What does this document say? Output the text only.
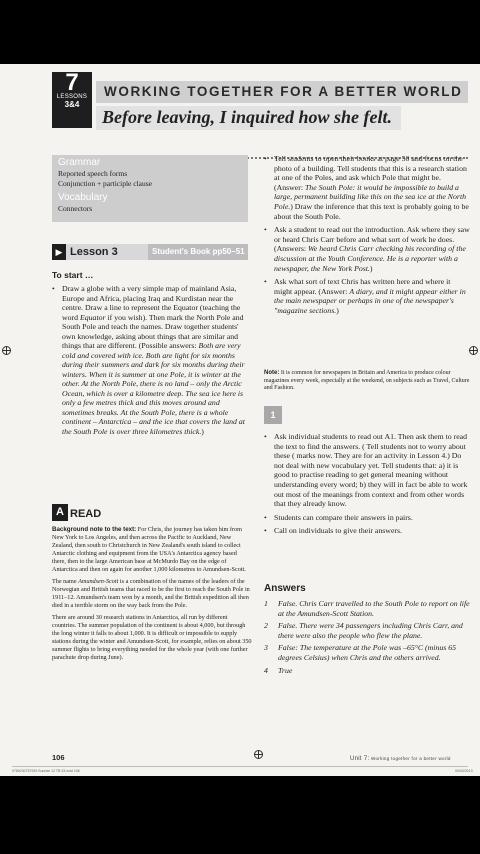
7
LESSONS
3&4
WORKING TOGETHER FOR A BETTER WORLD
Before leaving, I inquired how she felt.
Grammar
Reported speech forms
Conjunction + participle clause
Vocabulary
Connectors
▶ Lesson 3	Student's Book pp50–51
To start …
• Draw a globe with a very simple map of mainland Asia, Europe and Africa, placing Iraq and Kurdistan near the centre. Draw a line to represent the Equator (teaching the word Equator if you wish). Then mark the North Pole and South Pole and teach the names. Draw together students' own knowledge, asking about things that are similar and things that are different. (Possible answers: Both are very cold and covered with ice. Both are light for six months during their summers and dark for six months during their winters. When it is summer at one Pole, it is winter at the other. At the North Pole, there is no land – only the Arctic Ocean, which is over a kilometre deep. The sea ice here is only a few metres thick and this moves around and sometimes breaks. At the South Pole, there is a whole continent – Antarctica – and the ice that covers the land at the South Pole is over three kilometres thick.)

A READ

Background note to the text: For Chris, the journey has taken him from New York to Los Angeles, and then across the Pacific to Auckland, New Zealand, then south to Christchurch in New Zealand's south island to collect Antarctic clothing and equipment from the USA's Antarctica agency based there, then to the large American base at McMurdo Bay on the edge of Antarctica and then on again for another 1,000 kilometres to Amundsen-Scott.

The name Amundsen-Scott is a combination of the names of the leaders of the Norwegian and British teams that raced to be the first to reach the South Pole in 1911–12. Amundsen's team won by a month, and the British expedition all then died in a terrible storm on the way back from the Pole.

There are around 30 research stations in Antarctica, all run by different countries. The summer population of the continent is about 4,000, but through the long winter it falls to about 1,000. It is difficult or impossible to supply stations during the winter and Amundsen-Scott, for example, relies on about 350 summer flights to bring everything needed for the whole year (with one further parachute drop during June).

• Tell students to open their books at page 50 and focus on the photo of a building. Tell students that this is a research station at one of the Poles, and ask which Pole that might be. (Answer: The South Pole: it would be impossible to build a large, permanent building like this on the sea ice at the North Pole.) Draw the inference that this text is probably going to be about the South Pole.
• Ask a student to read out the introduction. Ask where they saw or heard Chris Carr before and what sort of work he does. (Answers: We heard Chris Carr checking his recording of the discussion at the Youth Conference. He is a reporter with a newspaper, the New York Post.)
• Ask what sort of text Chris has written here and where it might appear. (Answer: A diary, and it might appear either in the main newspaper or perhaps in one of the newspaper's "magazine sections.)
Note: It is common for newspapers in Britain and America to produce colour magazines every week, especially at the weekend, on subjects such as Travel, Culture and Fashion.
1
• Ask individual students to read out A1. Then ask them to read the text to find the answers. ( Tell students not to worry about these ( marks now. They are for an activity in Lesson 4.) Do not deal with new vocabulary yet. Tell students that: a) it is good to practise reading to get general meaning without understanding every word; b) they will in fact be able to work out most of the meanings from context and from other words that they already know.
• Students can compare their answers in pairs.
• Call on individuals to give their answers.
Answers
1 False. Chris Carr travelled to the South Pole to report on life at the Amundsen-Scott Station.
2 False. There were 34 passengers including Chris Carr, and there were also the people who flew the plane.
3 False: The temperature at the Pole was –65°C (minus 65 degrees Celsius) when Chris and the others arrived.
4 True
106	Unit 7: Working together for a better world
9780230757929 Sunrise 12 TB 03.indd 106	05/03/2013
